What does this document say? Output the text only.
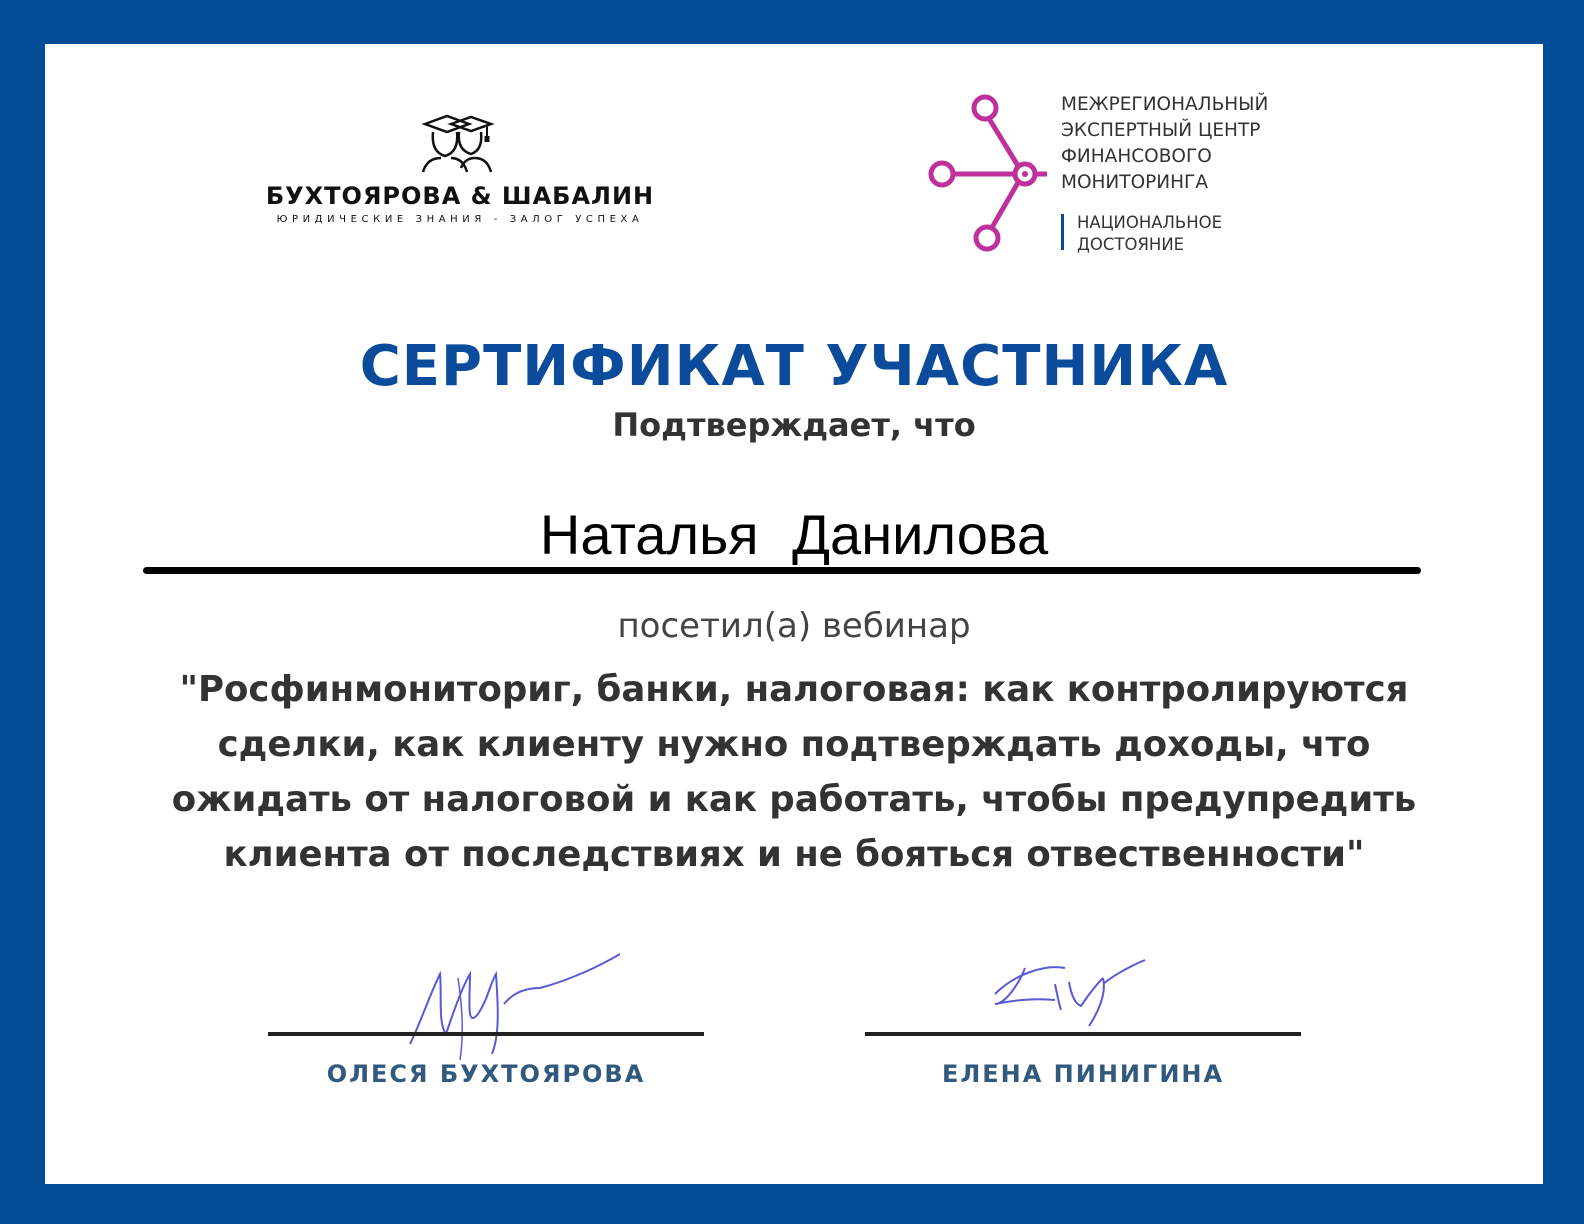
БУХТОЯРОВА & ШАБАЛИН
ЮРИДИЧЕСКИЕ ЗНАНИЯ - ЗАЛОГ УСПЕХА
МЕЖРЕГИОНАЛЬНЫЙ
ЭКСПЕРТНЫЙ ЦЕНТР
ФИНАНСОВОГО
МОНИТОРИНГА
НАЦИОНАЛЬНОЕ
ДОСТОЯНИЕ
СЕРТИФИКАТ УЧАСТНИКА
Подтверждает, что
Наталья Данилова
посетил(а) вебинар
"Росфинмониториг, банки, налоговая: как контролируются
сделки, как клиенту нужно подтверждать доходы, что
ожидать от налоговой и как работать, чтобы предупредить
клиента от последствиях и не бояться отвественности"
ОЛЕСЯ БУХТОЯРОВА	ЕЛЕНА ПИНИГИНА
